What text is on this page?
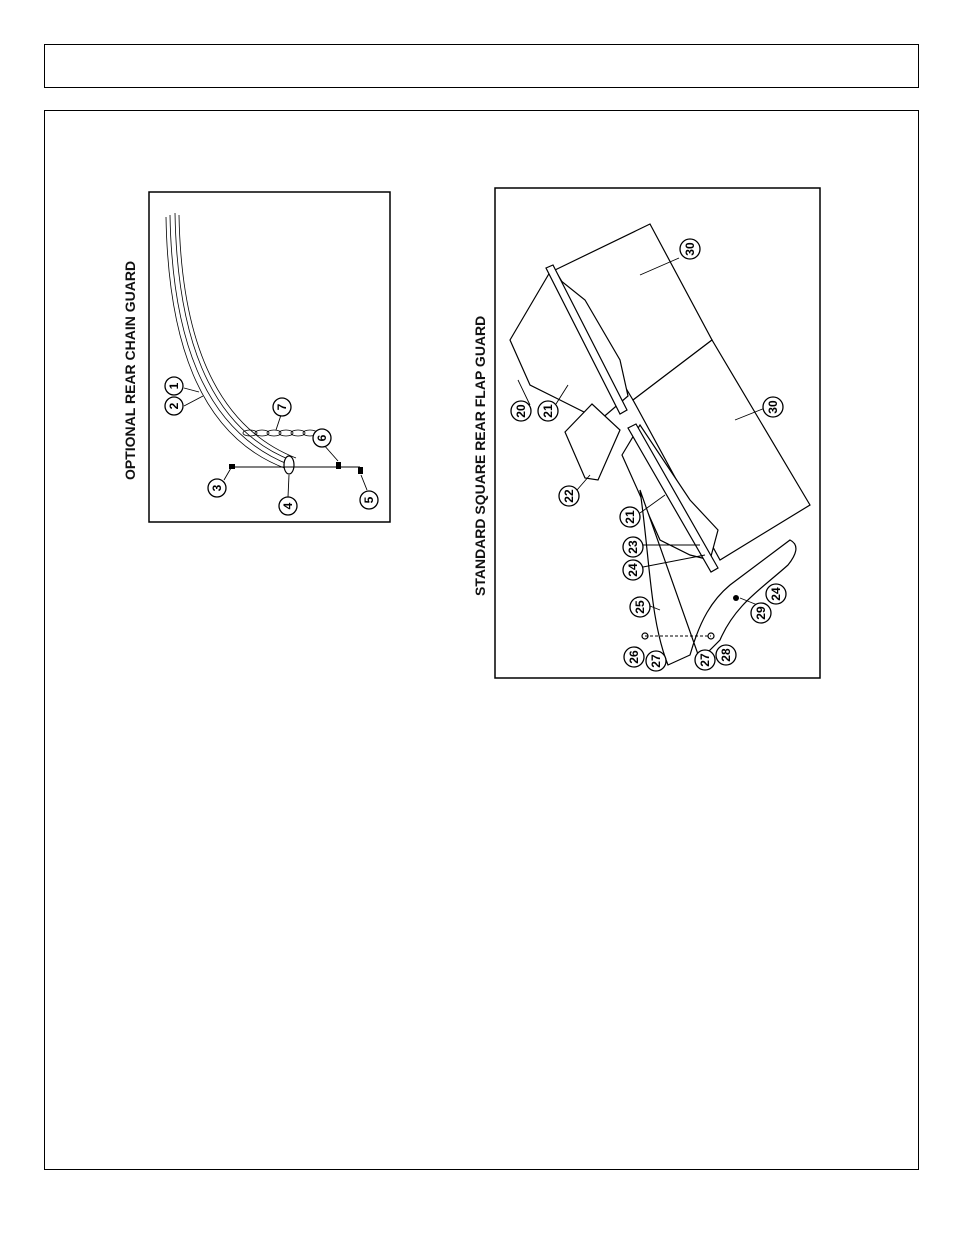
OPTIONAL REAR CHAIN GUARD 1
2
3
4
5
6
7	STANDARD SQUARE REAR FLAP GUARD 20 21
22
21
23
24
25
26 27	27 28
29
24
30
30
